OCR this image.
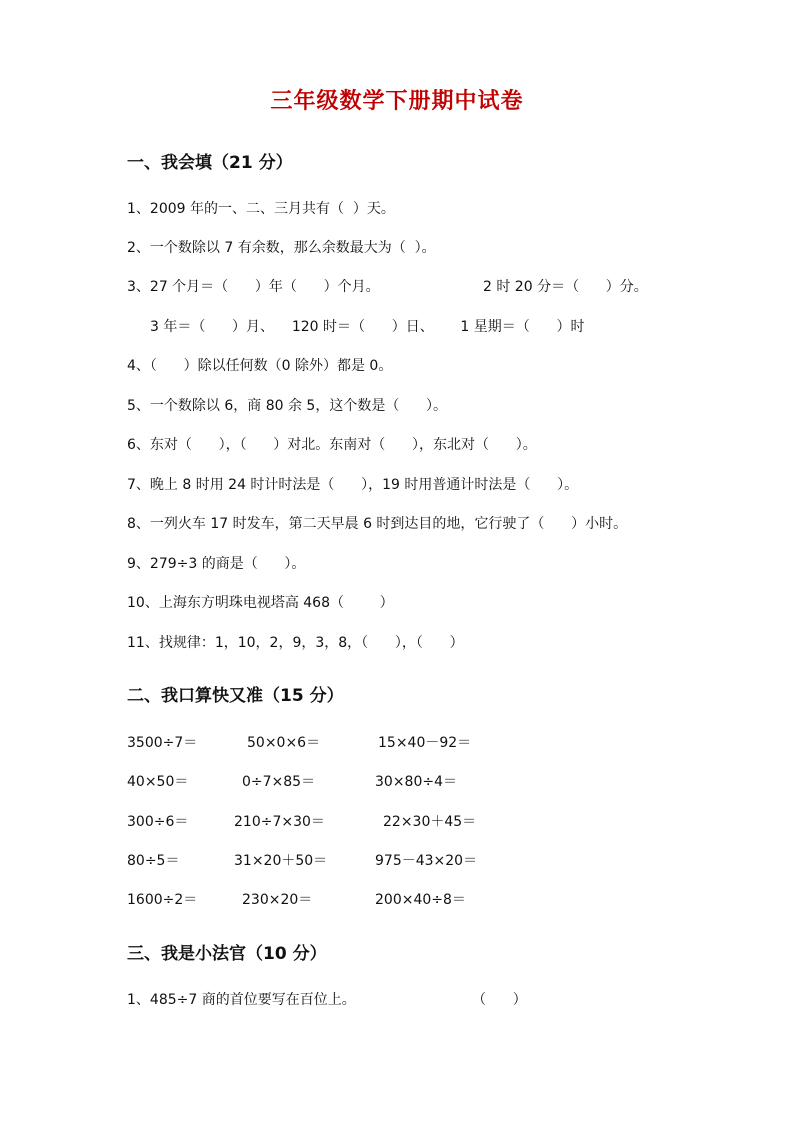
三年级数学下册期中试卷
一、我会填（21 分）
1、2009 年的一、二、三月共有（  ）天。
2、一个数除以 7 有余数，那么余数最大为（  ）。
3、27 个月＝（      ）年（      ）个月。	2 时 20 分＝（      ）分。
3 年＝（      ）月、    120 时＝（      ）日、      1 星期＝（      ）时
4、（      ）除以任何数（0 除外）都是 0。
5、一个数除以 6，商 80 余 5，这个数是（      ）。
6、东对（      ），（      ）对北。东南对（      ），东北对（      ）。
7、晚上 8 时用 24 时计时法是（      ），19 时用普通计时法是（      ）。
8、一列火车 17 时发车，第二天早晨 6 时到达目的地，它行驶了（      ）小时。
9、279÷3 的商是（      ）。
10、上海东方明珠电视塔高 468（        ）
11、找规律：1，10，2，9，3，8，（      ），（      ）
二、我口算快又准（15 分）
3500÷7＝	50×0×6＝	15×40－92＝
40×50＝	0÷7×85＝	30×80÷4＝
300÷6＝	210÷7×30＝	22×30＋45＝
80÷5＝	31×20＋50＝	975－43×20＝
1600÷2＝	230×20＝	200×40÷8＝
三、我是小法官（10 分）
1、485÷7 商的首位要写在百位上。	（      ）
